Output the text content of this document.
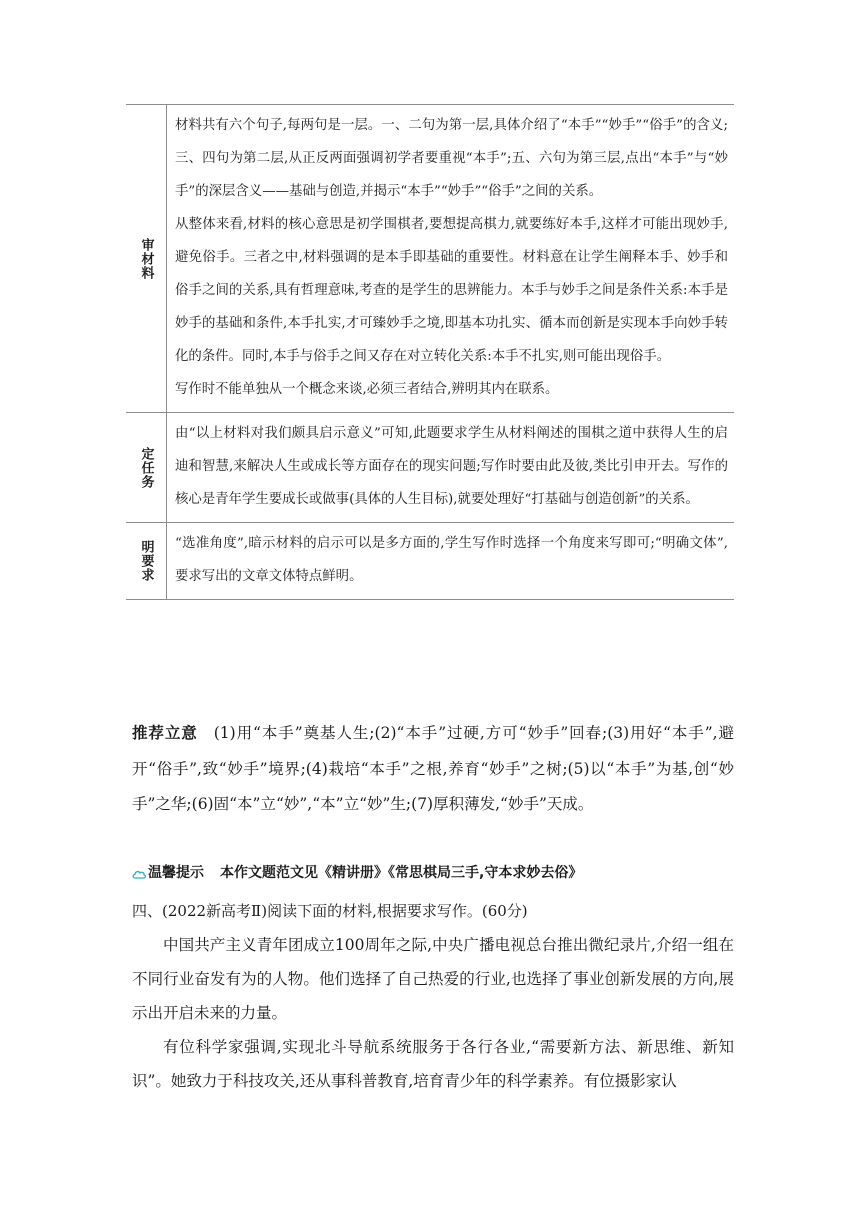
审材料

材料共有六个句子,每两句是一层。一、二句为第一层,具体介绍了“本手”“妙手”“俗手”的含义;三、四句为第二层,从正反两面强调初学者要重视“本手”;五、六句为第三层,点出“本手”与“妙手”的深层含义——基础与创造,并揭示“本手”“妙手”“俗手”之间的关系。

从整体来看,材料的核心意思是初学围棋者,要想提高棋力,就要练好本手,这样才可能出现妙手,避免俗手。三者之中,材料强调的是本手即基础的重要性。材料意在让学生阐释本手、妙手和俗手之间的关系,具有哲理意味,考查的是学生的思辨能力。本手与妙手之间是条件关系:本手是妙手的基础和条件,本手扎实,才可臻妙手之境,即基本功扎实、循本而创新是实现本手向妙手转化的条件。同时,本手与俗手之间又存在对立转化关系:本手不扎实,则可能出现俗手。

写作时不能单独从一个概念来谈,必须三者结合,辨明其内在联系。

定任务

由“以上材料对我们颇具启示意义”可知,此题要求学生从材料阐述的围棋之道中获得人生的启迪和智慧,来解决人生或成长等方面存在的现实问题;写作时要由此及彼,类比引申开去。写作的核心是青年学生要成长或做事(具体的人生目标),就要处理好“打基础与创造创新”的关系。

明要求 “选准角度”,暗示材料的启示可以是多方面的,学生写作时选择一个角度来写即可;“明确文体”,要求写出的文章文体特点鲜明。

推荐立意 (1)用“本手”奠基人生;(2)“本手”过硬,方可“妙手”回春;(3)用好“本手”,避开“俗手”,致“妙手”境界;(4)栽培“本手”之根,养育“妙手”之树;(5)以“本手”为基,创“妙手”之华;(6)固“本”立“妙”,“本”立“妙”生;(7)厚积薄发,“妙手”天成。

温馨提示 本作文题范文见《精讲册》《常思棋局三手,守本求妙去俗》

四、(2022新高考Ⅱ)阅读下面的材料,根据要求写作。(60分)

中国共产主义青年团成立100周年之际,中央广播电视总台推出微纪录片,介绍一组在不同行业奋发有为的人物。他们选择了自己热爱的行业,也选择了事业创新发展的方向,展示出开启未来的力量。

有位科学家强调,实现北斗导航系统服务于各行各业,“需要新方法、新思维、新知识”。她致力于科技攻关,还从事科普教育,培育青少年的科学素养。有位摄影家认
